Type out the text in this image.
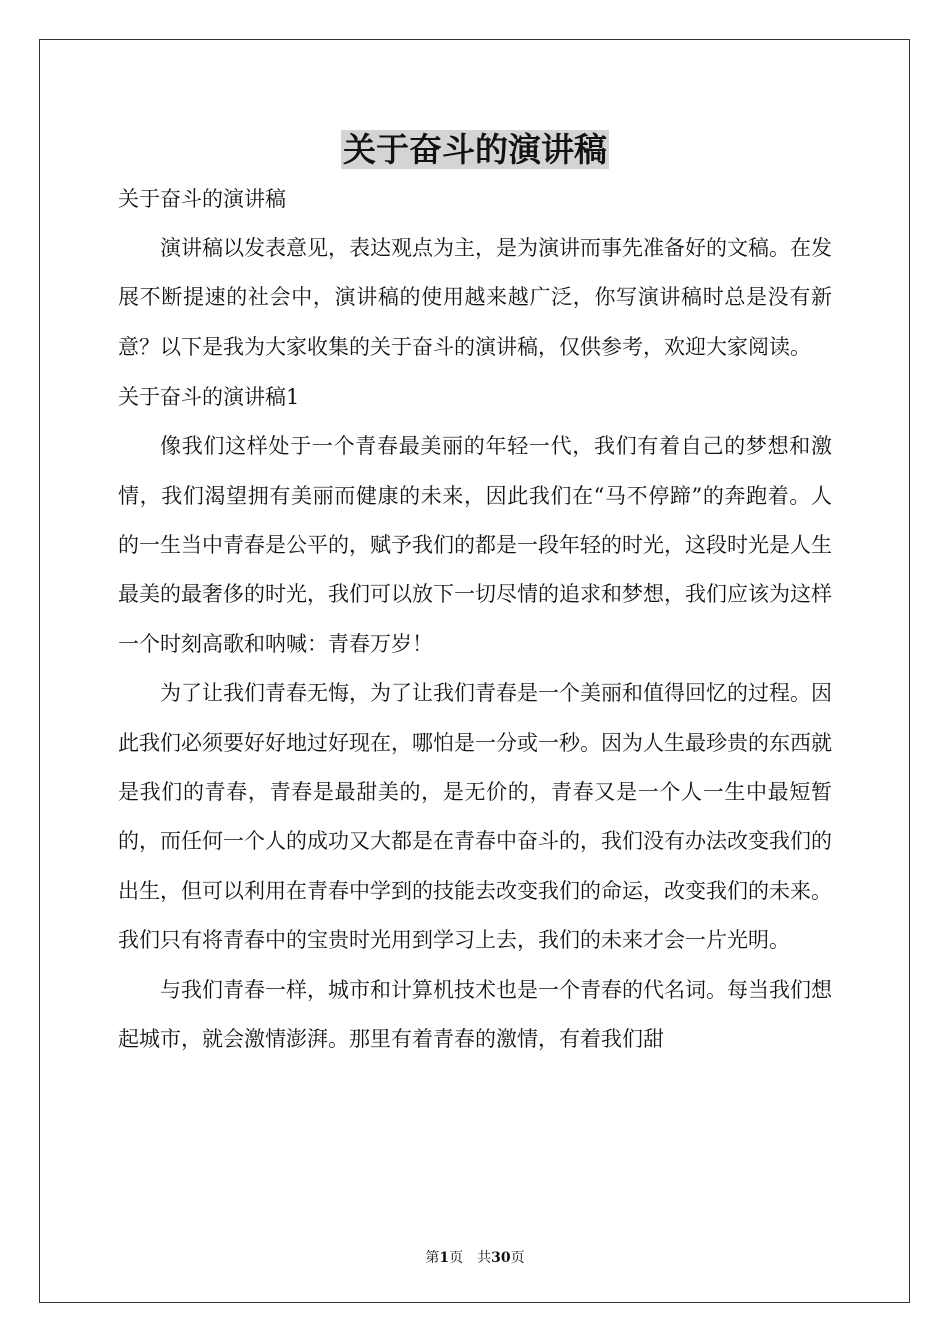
关于奋斗的演讲稿

关于奋斗的演讲稿

演讲稿以发表意见，表达观点为主，是为演讲而事先准备好的文稿。在发展不断提速的社会中，演讲稿的使用越来越广泛，你写演讲稿时总是没有新意？以下是我为大家收集的关于奋斗的演讲稿，仅供参考，欢迎大家阅读。

关于奋斗的演讲稿1

像我们这样处于一个青春最美丽的年轻一代，我们有着自己的梦想和激情，我们渴望拥有美丽而健康的未来，因此我们在“马不停蹄”的奔跑着。人的一生当中青春是公平的，赋予我们的都是一段年轻的时光，这段时光是人生最美的最奢侈的时光，我们可以放下一切尽情的追求和梦想，我们应该为这样一个时刻高歌和呐喊：青春万岁！

为了让我们青春无悔，为了让我们青春是一个美丽和值得回忆的过程。因此我们必须要好好地过好现在，哪怕是一分或一秒。因为人生最珍贵的东西就是我们的青春，青春是最甜美的，是无价的，青春又是一个人一生中最短暂的，而任何一个人的成功又大都是在青春中奋斗的，我们没有办法改变我们的出生，但可以利用在青春中学到的技能去改变我们的命运，改变我们的未来。我们只有将青春中的宝贵时光用到学习上去，我们的未来才会一片光明。

与我们青春一样，城市和计算机技术也是一个青春的代名词。每当我们想起城市，就会激情澎湃。那里有着青春的激情，有着我们甜

第1页　共30页
